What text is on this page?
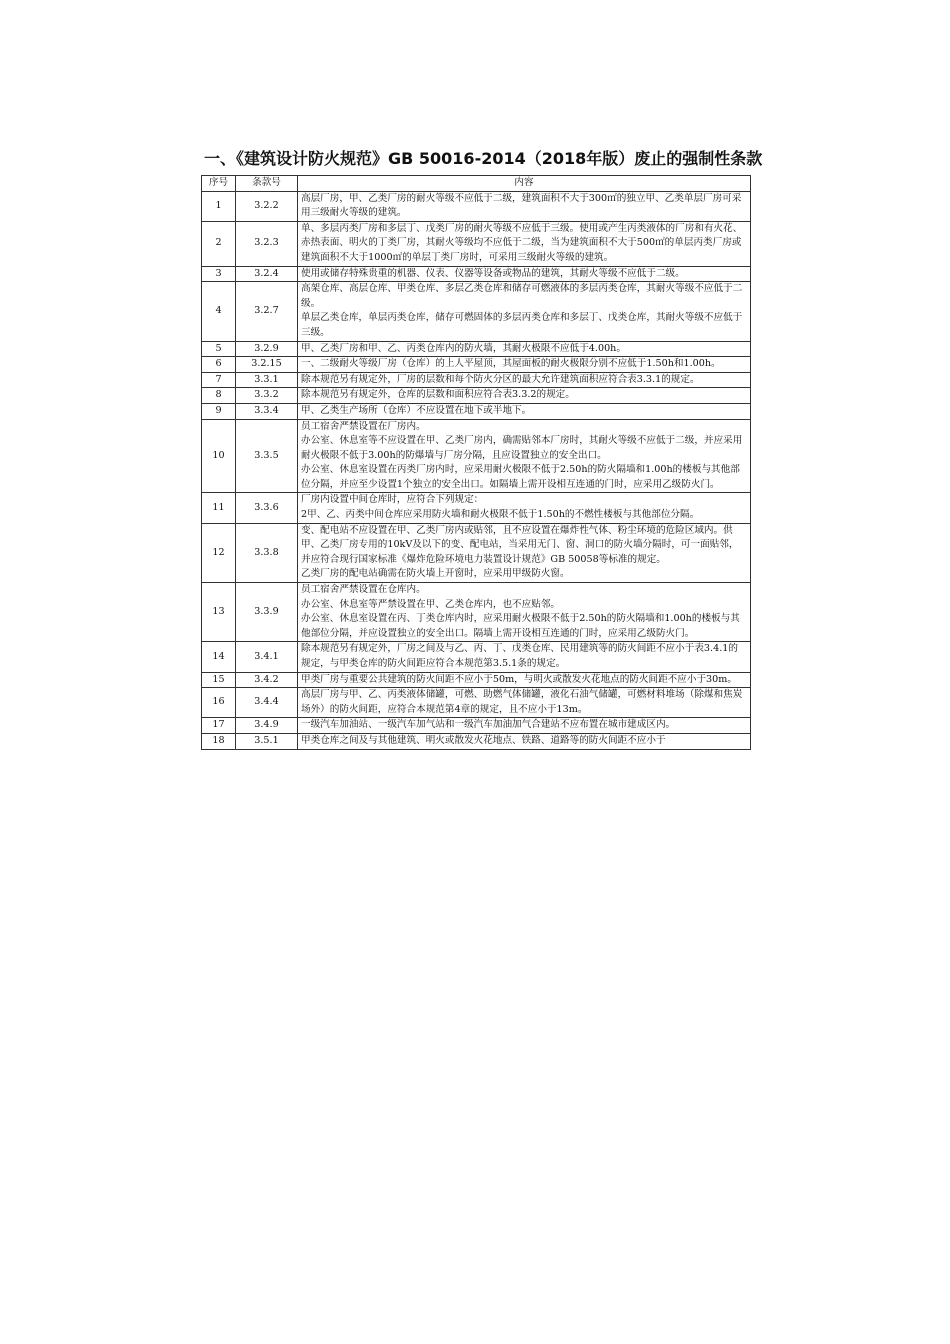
一、《建筑设计防火规范》GB 50016-2014（2018年版）废止的强制性条款
序号	条款号	内容
1	3.2.2	高层厂房，甲、乙类厂房的耐火等级不应低于二级，建筑面积不大于300㎡的独立甲、乙类单层厂房可采用三级耐火等级的建筑。
2	3.2.3	单、多层丙类厂房和多层丁、戊类厂房的耐火等级不应低于三级。使用或产生丙类液体的厂房和有火花、赤热表面、明火的丁类厂房，其耐火等级均不应低于二级，当为建筑面积不大于500㎡的单层丙类厂房或建筑面积不大于1000㎡的单层丁类厂房时，可采用三级耐火等级的建筑。
3	3.2.4	使用或储存特殊贵重的机器、仪表、仪器等设备或物品的建筑，其耐火等级不应低于二级。
4	3.2.7	高架仓库、高层仓库、甲类仓库、多层乙类仓库和储存可燃液体的多层丙类仓库，其耐火等级不应低于二级。
单层乙类仓库，单层丙类仓库，储存可燃固体的多层丙类仓库和多层丁、戊类仓库，其耐火等级不应低于三级。
5	3.2.9	甲、乙类厂房和甲、乙、丙类仓库内的防火墙，其耐火极限不应低于4.00h。
6	3.2.15	一、二级耐火等级厂房（仓库）的上人平屋顶，其屋面板的耐火极限分别不应低于1.50h和1.00h。
7	3.3.1	除本规范另有规定外，厂房的层数和每个防火分区的最大允许建筑面积应符合表3.3.1的规定。
8	3.3.2	除本规范另有规定外，仓库的层数和面积应符合表3.3.2的规定。
9	3.3.4	甲、乙类生产场所（仓库）不应设置在地下或半地下。
10	3.3.5	员工宿舍严禁设置在厂房内。
办公室、休息室等不应设置在甲、乙类厂房内，确需贴邻本厂房时，其耐火等级不应低于二级，并应采用耐火极限不低于3.00h的防爆墙与厂房分隔，且应设置独立的安全出口。
办公室、休息室设置在丙类厂房内时，应采用耐火极限不低于2.50h的防火隔墙和1.00h的楼板与其他部位分隔，并应至少设置1个独立的安全出口。如隔墙上需开设相互连通的门时，应采用乙级防火门。
11	3.3.6	厂房内设置中间仓库时，应符合下列规定：
2甲、乙、丙类中间仓库应采用防火墙和耐火极限不低于1.50h的不燃性楼板与其他部位分隔。
12	3.3.8	变、配电站不应设置在甲、乙类厂房内或贴邻，且不应设置在爆炸性气体、粉尘环境的危险区域内。供甲、乙类厂房专用的10kV及以下的变、配电站，当采用无门、窗、洞口的防火墙分隔时，可一面贴邻，并应符合现行国家标准《爆炸危险环境电力装置设计规范》GB 50058等标准的规定。
乙类厂房的配电站确需在防火墙上开窗时，应采用甲级防火窗。
13	3.3.9	员工宿舍严禁设置在仓库内。
办公室、休息室等严禁设置在甲、乙类仓库内，也不应贴邻。
办公室、休息室设置在丙、丁类仓库内时，应采用耐火极限不低于2.50h的防火隔墙和1.00h的楼板与其他部位分隔，并应设置独立的安全出口。隔墙上需开设相互连通的门时，应采用乙级防火门。
14	3.4.1	除本规范另有规定外，厂房之间及与乙、丙、丁、戊类仓库、民用建筑等的防火间距不应小于表3.4.1的规定，与甲类仓库的防火间距应符合本规范第3.5.1条的规定。
15	3.4.2	甲类厂房与重要公共建筑的防火间距不应小于50m，与明火或散发火花地点的防火间距不应小于30m。
16	3.4.4	高层厂房与甲、乙、丙类液体储罐，可燃、助燃气体储罐，液化石油气储罐，可燃材料堆场（除煤和焦炭场外）的防火间距，应符合本规范第4章的规定，且不应小于13m。
17	3.4.9	一级汽车加油站、一级汽车加气站和一级汽车加油加气合建站不应布置在城市建成区内。
18	3.5.1	甲类仓库之间及与其他建筑、明火或散发火花地点、铁路、道路等的防火间距不应小于
